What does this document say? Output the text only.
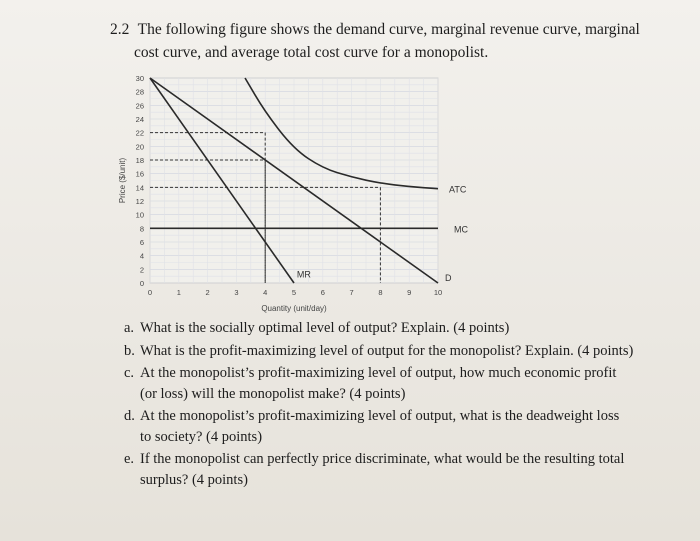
2.2 The following figure shows the demand curve, marginal revenue curve, marginal
cost curve, and average total cost curve for a monopolist.
D
MR
MC
ATC
0
2
4
6
8
10
12
14
16
18
20
22
24
26
28
30
0	1	2	3	4	5	6	7	8	9	10
Price ($/unit)
Quantity (unit/day)
a. What is the socially optimal level of output? Explain. (4 points)
b. What is the profit-maximizing level of output for the monopolist? Explain. (4 points)
c. At the monopolist’s profit-maximizing level of output, how much economic profit
(or loss) will the monopolist make? (4 points)
d. At the monopolist’s profit-maximizing level of output, what is the deadweight loss
to society? (4 points)
e. If the monopolist can perfectly price discriminate, what would be the resulting total
surplus? (4 points)
